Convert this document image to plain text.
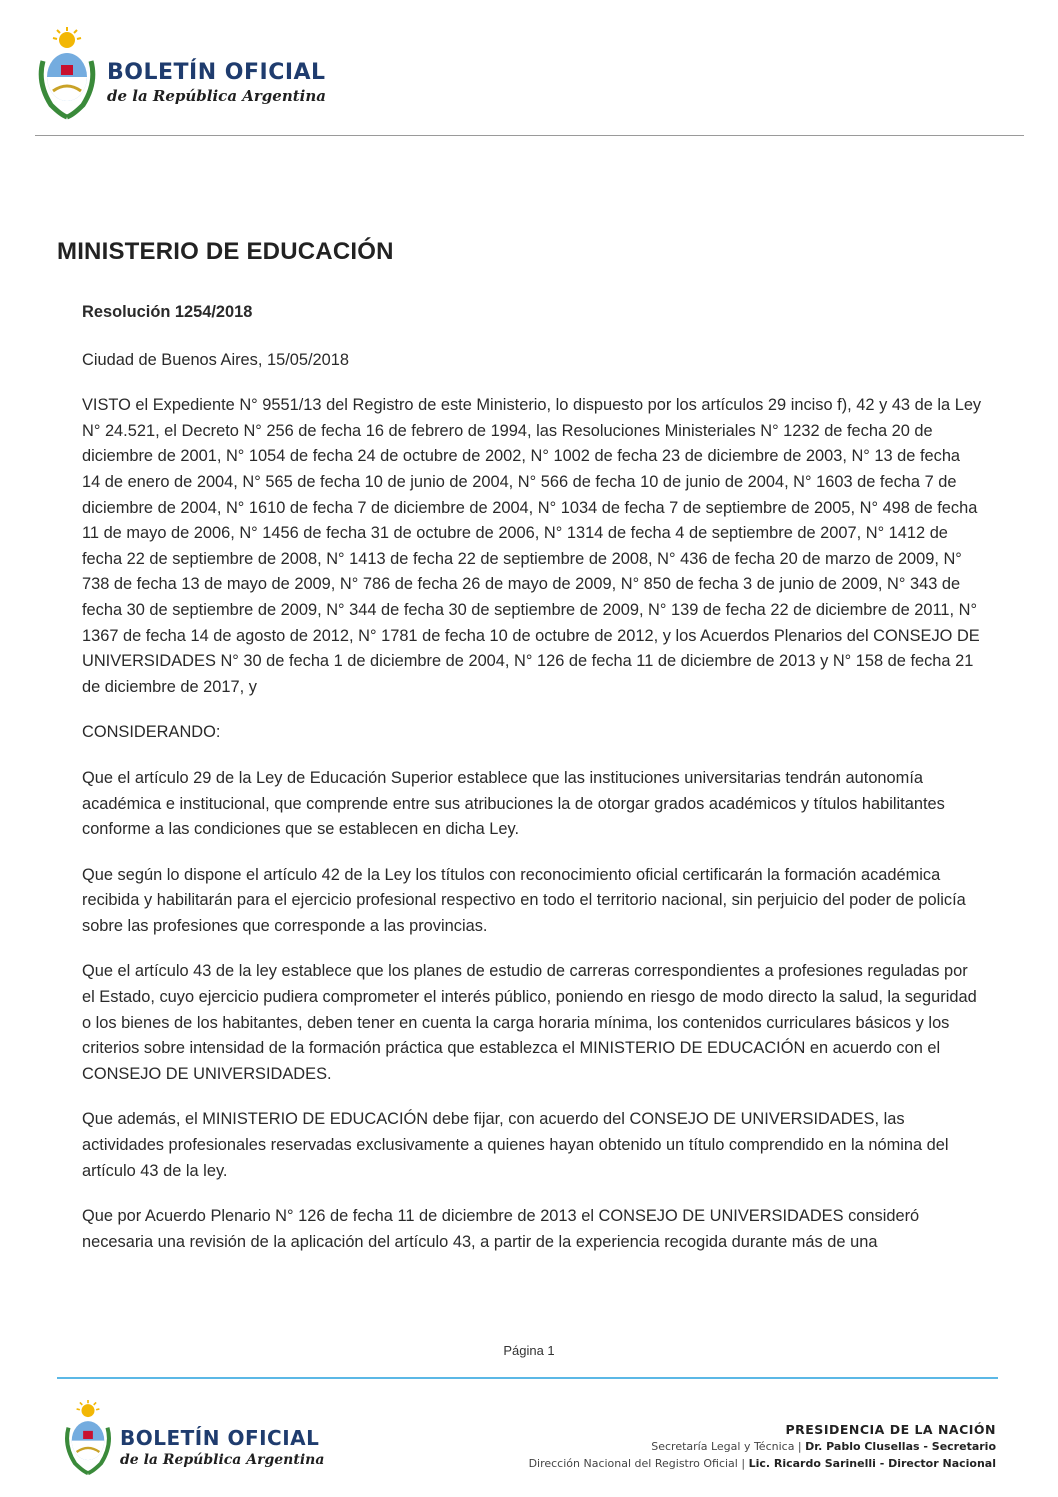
BOLETÍN OFICIAL
de la República Argentina
MINISTERIO DE EDUCACIÓN

Resolución 1254/2018

Ciudad de Buenos Aires, 15/05/2018

VISTO el Expediente N° 9551/13 del Registro de este Ministerio, lo dispuesto por los artículos 29 inciso f), 42 y 43 de la Ley N° 24.521, el Decreto N° 256 de fecha 16 de febrero de 1994, las Resoluciones Ministeriales N° 1232 de fecha 20 de diciembre de 2001, N° 1054 de fecha 24 de octubre de 2002, N° 1002 de fecha 23 de diciembre de 2003, N° 13 de fecha 14 de enero de 2004, N° 565 de fecha 10 de junio de 2004, N° 566 de fecha 10 de junio de 2004, N° 1603 de fecha 7 de diciembre de 2004, N° 1610 de fecha 7 de diciembre de 2004, N° 1034 de fecha 7 de septiembre de 2005, N° 498 de fecha 11 de mayo de 2006, N° 1456 de fecha 31 de octubre de 2006, N° 1314 de fecha 4 de septiembre de 2007, N° 1412 de fecha 22 de septiembre de 2008, N° 1413 de fecha 22 de septiembre de 2008, N° 436 de fecha 20 de marzo de 2009, N° 738 de fecha 13 de mayo de 2009, N° 786 de fecha 26 de mayo de 2009, N° 850 de fecha 3 de junio de 2009, N° 343 de fecha 30 de septiembre de 2009, N° 344 de fecha 30 de septiembre de 2009, N° 139 de fecha 22 de diciembre de 2011, N° 1367 de fecha 14 de agosto de 2012, N° 1781 de fecha 10 de octubre de 2012, y los Acuerdos Plenarios del CONSEJO DE UNIVERSIDADES N° 30 de fecha 1 de diciembre de 2004, N° 126 de fecha 11 de diciembre de 2013 y N° 158 de fecha 21 de diciembre de 2017, y

CONSIDERANDO:

Que el artículo 29 de la Ley de Educación Superior establece que las instituciones universitarias tendrán autonomía académica e institucional, que comprende entre sus atribuciones la de otorgar grados académicos y títulos habilitantes conforme a las condiciones que se establecen en dicha Ley.

Que según lo dispone el artículo 42 de la Ley los títulos con reconocimiento oficial certificarán la formación académica recibida y habilitarán para el ejercicio profesional respectivo en todo el territorio nacional, sin perjuicio del poder de policía sobre las profesiones que corresponde a las provincias.

Que el artículo 43 de la ley establece que los planes de estudio de carreras correspondientes a profesiones reguladas por el Estado, cuyo ejercicio pudiera comprometer el interés público, poniendo en riesgo de modo directo la salud, la seguridad o los bienes de los habitantes, deben tener en cuenta la carga horaria mínima, los contenidos curriculares básicos y los criterios sobre intensidad de la formación práctica que establezca el MINISTERIO DE EDUCACIÓN en acuerdo con el CONSEJO DE UNIVERSIDADES.

Que además, el MINISTERIO DE EDUCACIÓN debe fijar, con acuerdo del CONSEJO DE UNIVERSIDADES, las actividades profesionales reservadas exclusivamente a quienes hayan obtenido un título comprendido en la nómina del artículo 43 de la ley.

Que por Acuerdo Plenario N° 126 de fecha 11 de diciembre de 2013 el CONSEJO DE UNIVERSIDADES consideró necesaria una revisión de la aplicación del artículo 43, a partir de la experiencia recogida durante más de una

Página 1
BOLETÍN OFICIAL
de la República Argentina
PRESIDENCIA DE LA NACIÓN
Secretaría Legal y Técnica | Dr. Pablo Clusellas - Secretario
Dirección Nacional del Registro Oficial | Lic. Ricardo Sarinelli - Director Nacional
